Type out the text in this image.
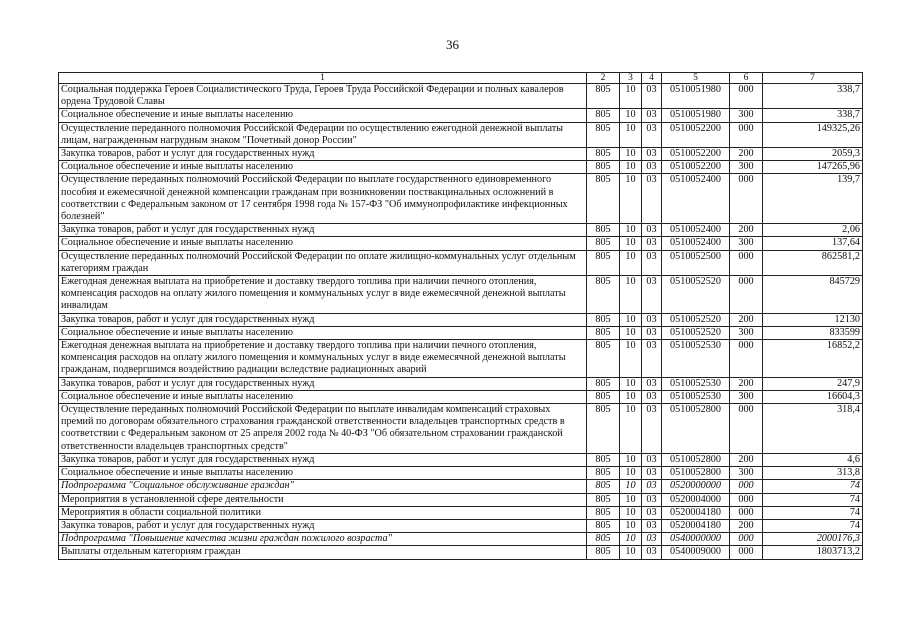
36
1	2	3	4	5	6	7
Социальная поддержка Героев Социалистического Труда, Героев Труда Российской Федерации и полных кавалеров ордена Трудовой Славы	805	10	03	0510051980	000	338,7
Социальное обеспечение и иные выплаты населению	805	10	03	0510051980	300	338,7
Осуществление переданного полномочия Российской Федерации по осуществлению ежегодной денежной выплаты лицам, награжденным нагрудным знаком "Почетный донор России"	805	10	03	0510052200	000	149325,26
Закупка товаров, работ и услуг для государственных нужд	805	10	03	0510052200	200	2059,3
Социальное обеспечение и иные выплаты населению	805	10	03	0510052200	300	147265,96
Осуществление переданных полномочий Российской Федерации по выплате государственного единовременного пособия и ежемесячной денежной компенсации гражданам при возникновении поствакцинальных осложнений в соответствии с Федеральным законом от 17 сентября 1998 года № 157-ФЗ "Об иммунопрофилактике инфекционных болезней"	805	10	03	0510052400	000	139,7
Закупка товаров, работ и услуг для государственных нужд	805	10	03	0510052400	200	2,06
Социальное обеспечение и иные выплаты населению	805	10	03	0510052400	300	137,64
Осуществление переданных полномочий Российской Федерации по оплате жилищно-коммунальных услуг отдельным категориям граждан	805	10	03	0510052500	000	862581,2
Ежегодная денежная выплата на приобретение и доставку твердого топлива при наличии печного отопления, компенсация расходов на оплату жилого помещения и коммунальных услуг в виде ежемесячной денежной выплаты инвалидам	805	10	03	0510052520	000	845729
Закупка товаров, работ и услуг для государственных нужд	805	10	03	0510052520	200	12130
Социальное обеспечение и иные выплаты населению	805	10	03	0510052520	300	833599
Ежегодная денежная выплата на приобретение и доставку твердого топлива при наличии печного отопления, компенсация расходов на оплату жилого помещения и коммунальных услуг в виде ежемесячной денежной выплаты гражданам, подвергшимся воздействию радиации вследствие радиационных аварий	805	10	03	0510052530	000	16852,2
Закупка товаров, работ и услуг для государственных нужд	805	10	03	0510052530	200	247,9
Социальное обеспечение и иные выплаты населению	805	10	03	0510052530	300	16604,3
Осуществление переданных полномочий Российской Федерации по выплате инвалидам компенсаций страховых премий по договорам обязательного страхования гражданской ответственности владельцев транспортных средств в соответствии с Федеральным законом от 25 апреля 2002 года № 40-ФЗ "Об обязательном страховании гражданской ответственности владельцев транспортных средств"	805	10	03	0510052800	000	318,4
Закупка товаров, работ и услуг для государственных нужд	805	10	03	0510052800	200	4,6
Социальное обеспечение и иные выплаты населению	805	10	03	0510052800	300	313,8
Подпрограмма "Социальное обслуживание граждан"	805	10	03	0520000000	000	74
Мероприятия в установленной сфере деятельности	805	10	03	0520004000	000	74
Мероприятия в области социальной политики	805	10	03	0520004180	000	74
Закупка товаров, работ и услуг для государственных нужд	805	10	03	0520004180	200	74
Подпрограмма "Повышение качества жизни граждан пожилого возраста"	805	10	03	0540000000	000	2000176,3
Выплаты отдельным категориям граждан	805	10	03	0540009000	000	1803713,2
